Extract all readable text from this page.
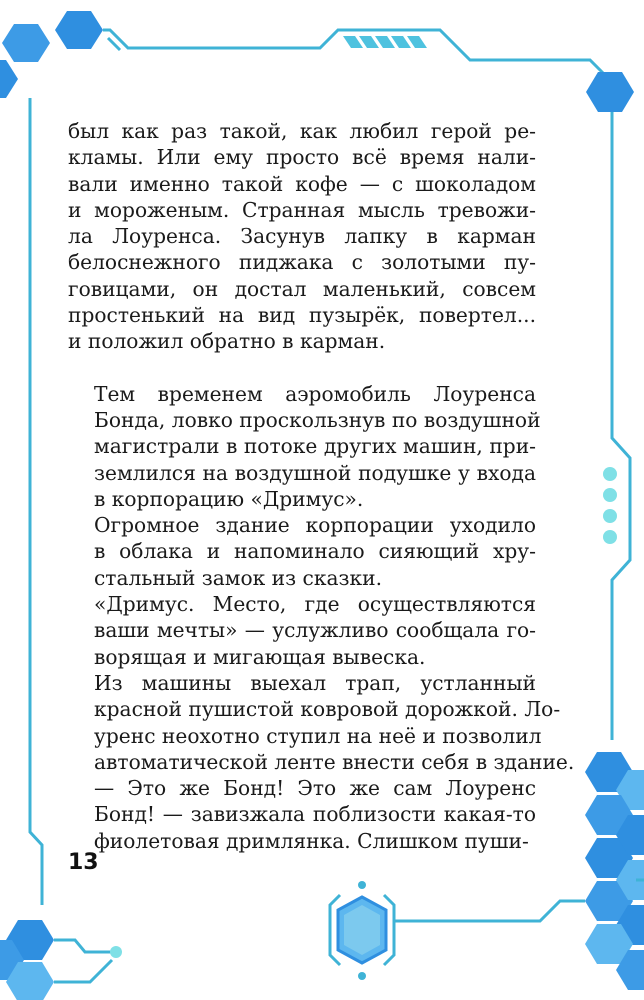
был как раз такой, как любил герой ре-
кламы. Или ему просто всё время нали-
вали именно такой кофе — с шоколадом
и мороженым. Странная мысль тревожи-
ла Лоуренса. Засунув лапку в карман
белоснежного пиджака с золотыми пу-
говицами, он достал маленький, совсем
простенький на вид пузырёк, повертел...
и положил обратно в карман.

Тем временем аэромобиль Лоуренса
Бонда, ловко проскользнув по воздушной
магистрали в потоке других машин, при-
землился на воздушной подушке у входа
в корпорацию «Дримус».

Огромное здание корпорации уходило
в облака и напоминало сияющий хру-
стальный замок из сказки.

«Дримус. Место, где осуществляются
ваши мечты» — услужливо сообщала го-
ворящая и мигающая вывеска.

Из машины выехал трап, устланный
красной пушистой ковровой дорожкой. Ло-
уренс неохотно ступил на неё и позволил
автоматической ленте внести себя в здание.

— Это же Бонд! Это же сам Лоуренс
Бонд! — завизжала поблизости какая-то
фиолетовая дримлянка. Слишком пуши-

13
